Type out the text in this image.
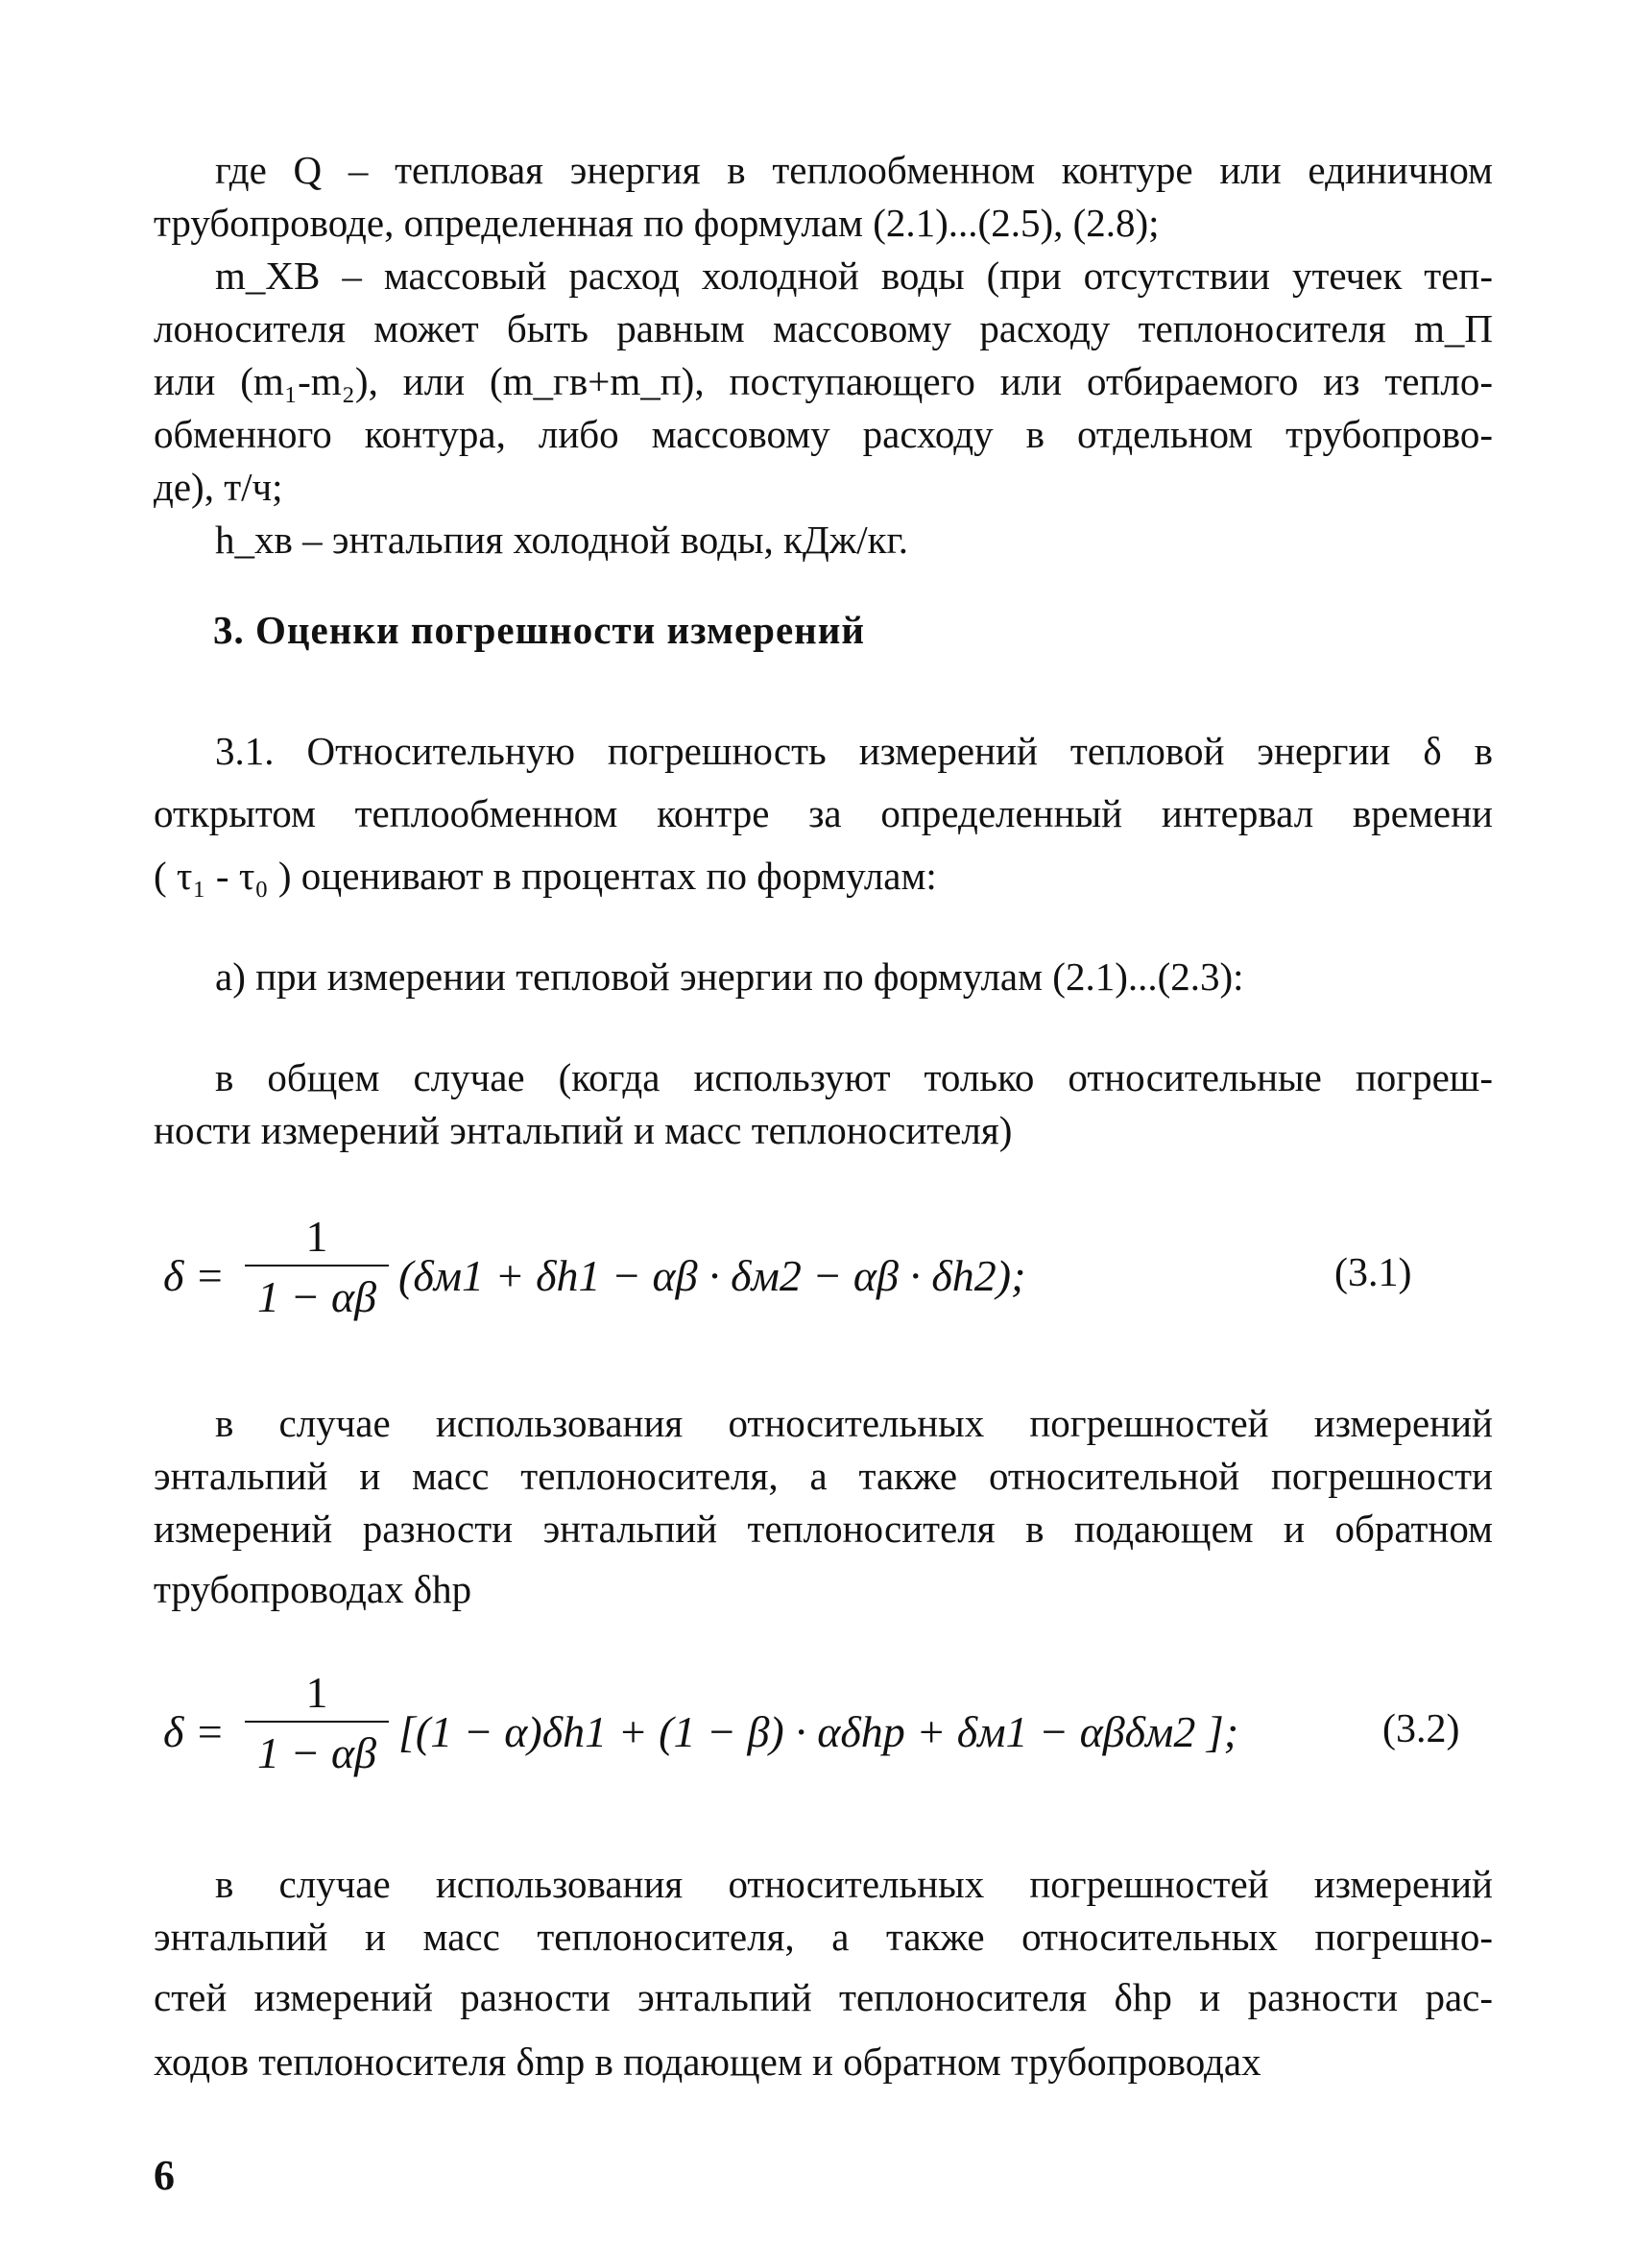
где Q – тепловая энергия в теплообменном контуре или единичном
трубопроводе, определенная по формулам (2.1)...(2.5), (2.8);
m_ХВ – массовый расход холодной воды (при отсутствии утечек теп-
лоносителя может быть равным массовому расходу теплоносителя m_П
или (m₁-m₂), или (m_гв+m_п), поступающего или отбираемого из тепло-
обменного контура, либо массовому расходу в отдельном трубопрово-
де), т/ч;
h_хв – энтальпия холодной воды, кДж/кг.
3. Оценки погрешности измерений
3.1. Относительную погрешность измерений тепловой энергии δ в
открытом теплообменном контре за определенный интервал времени
( τ₁ - τ₀ ) оценивают в процентах по формулам:
а) при измерении тепловой энергии по формулам (2.1)...(2.3):
в общем случае (когда используют только относительные погреш-
ности измерений энтальпий и масс теплоносителя)
δ =
1
1 − αβ (δм1 + δh1 − αβ · δм2 − αβ · δh2);	(3.1)
в случае использования относительных погрешностей измерений
энтальпий и масс теплоносителя, а также относительной погрешности
измерений разности энтальпий теплоносителя в подающем и обратном
трубопроводах δhp
δ =
1
1 − αβ [(1 − α)δh1 + (1 − β) · αδhp + δм1 − αβδм2 ];	(3.2)
в случае использования относительных погрешностей измерений
энтальпий и масс теплоносителя, а также относительных погрешно-
стей измерений разности энтальпий теплоносителя δhp и разности рас-
ходов теплоносителя δmp в подающем и обратном трубопроводах
6
